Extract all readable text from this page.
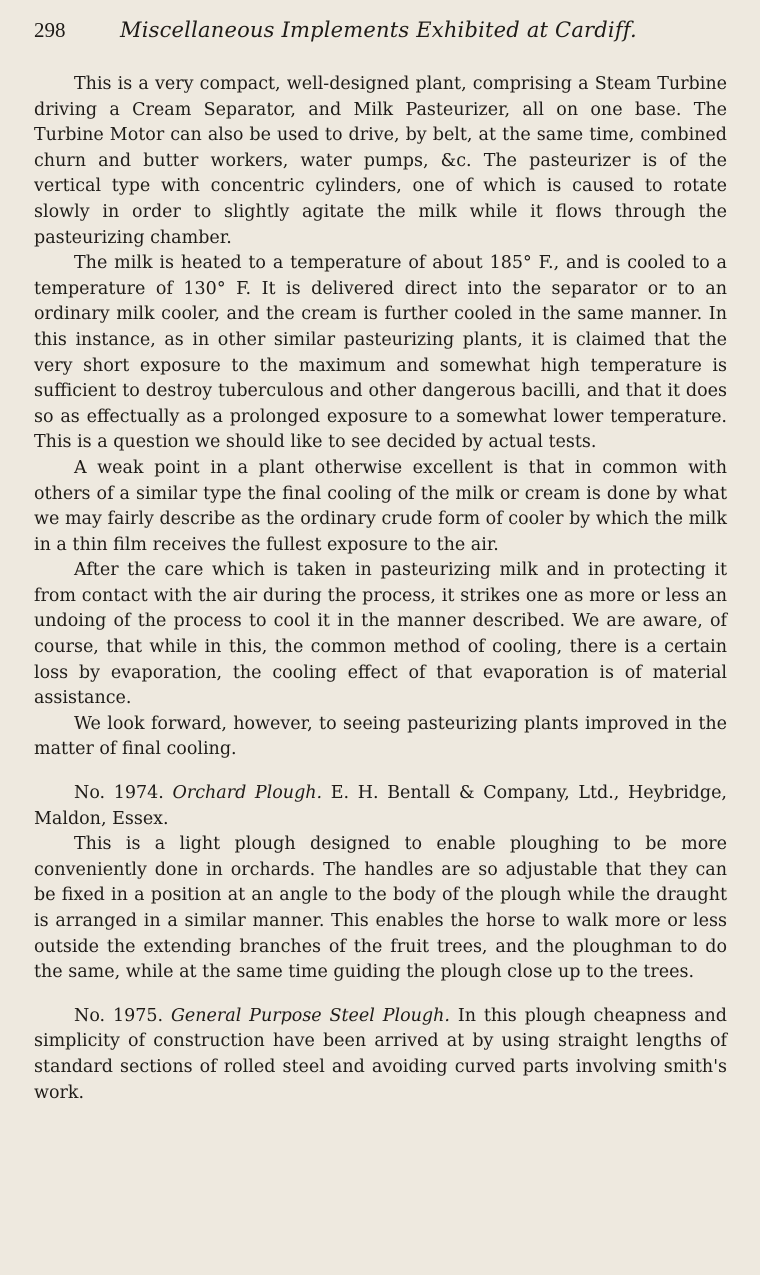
298	Miscellaneous Implements Exhibited at Cardiff.

This is a very compact, well-designed plant, comprising a Steam Turbine driving a Cream Separator, and Milk Pasteurizer, all on one base. The Turbine Motor can also be used to drive, by belt, at the same time, combined churn and butter workers, water pumps, &c. The pasteurizer is of the vertical type with concentric cylinders, one of which is caused to rotate slowly in order to slightly agitate the milk while it flows through the pasteurizing chamber.

The milk is heated to a temperature of about 185° F., and is cooled to a temperature of 130° F. It is delivered direct into the separator or to an ordinary milk cooler, and the cream is further cooled in the same manner. In this instance, as in other similar pasteurizing plants, it is claimed that the very short exposure to the maximum and somewhat high temperature is sufficient to destroy tuberculous and other dangerous bacilli, and that it does so as effectually as a prolonged exposure to a somewhat lower temperature. This is a question we should like to see decided by actual tests.

A weak point in a plant otherwise excellent is that in common with others of a similar type the final cooling of the milk or cream is done by what we may fairly describe as the ordinary crude form of cooler by which the milk in a thin film receives the fullest exposure to the air.

After the care which is taken in pasteurizing milk and in protecting it from contact with the air during the process, it strikes one as more or less an undoing of the process to cool it in the manner described. We are aware, of course, that while in this, the common method of cooling, there is a certain loss by evaporation, the cooling effect of that evaporation is of material assistance.

We look forward, however, to seeing pasteurizing plants improved in the matter of final cooling.

No. 1974. Orchard Plough. E. H. Bentall & Company, Ltd., Heybridge, Maldon, Essex.

This is a light plough designed to enable ploughing to be more conveniently done in orchards. The handles are so adjustable that they can be fixed in a position at an angle to the body of the plough while the draught is arranged in a similar manner. This enables the horse to walk more or less outside the extending branches of the fruit trees, and the ploughman to do the same, while at the same time guiding the plough close up to the trees.

No. 1975. General Purpose Steel Plough. In this plough cheapness and simplicity of construction have been arrived at by using straight lengths of standard sections of rolled steel and avoiding curved parts involving smith's work.
